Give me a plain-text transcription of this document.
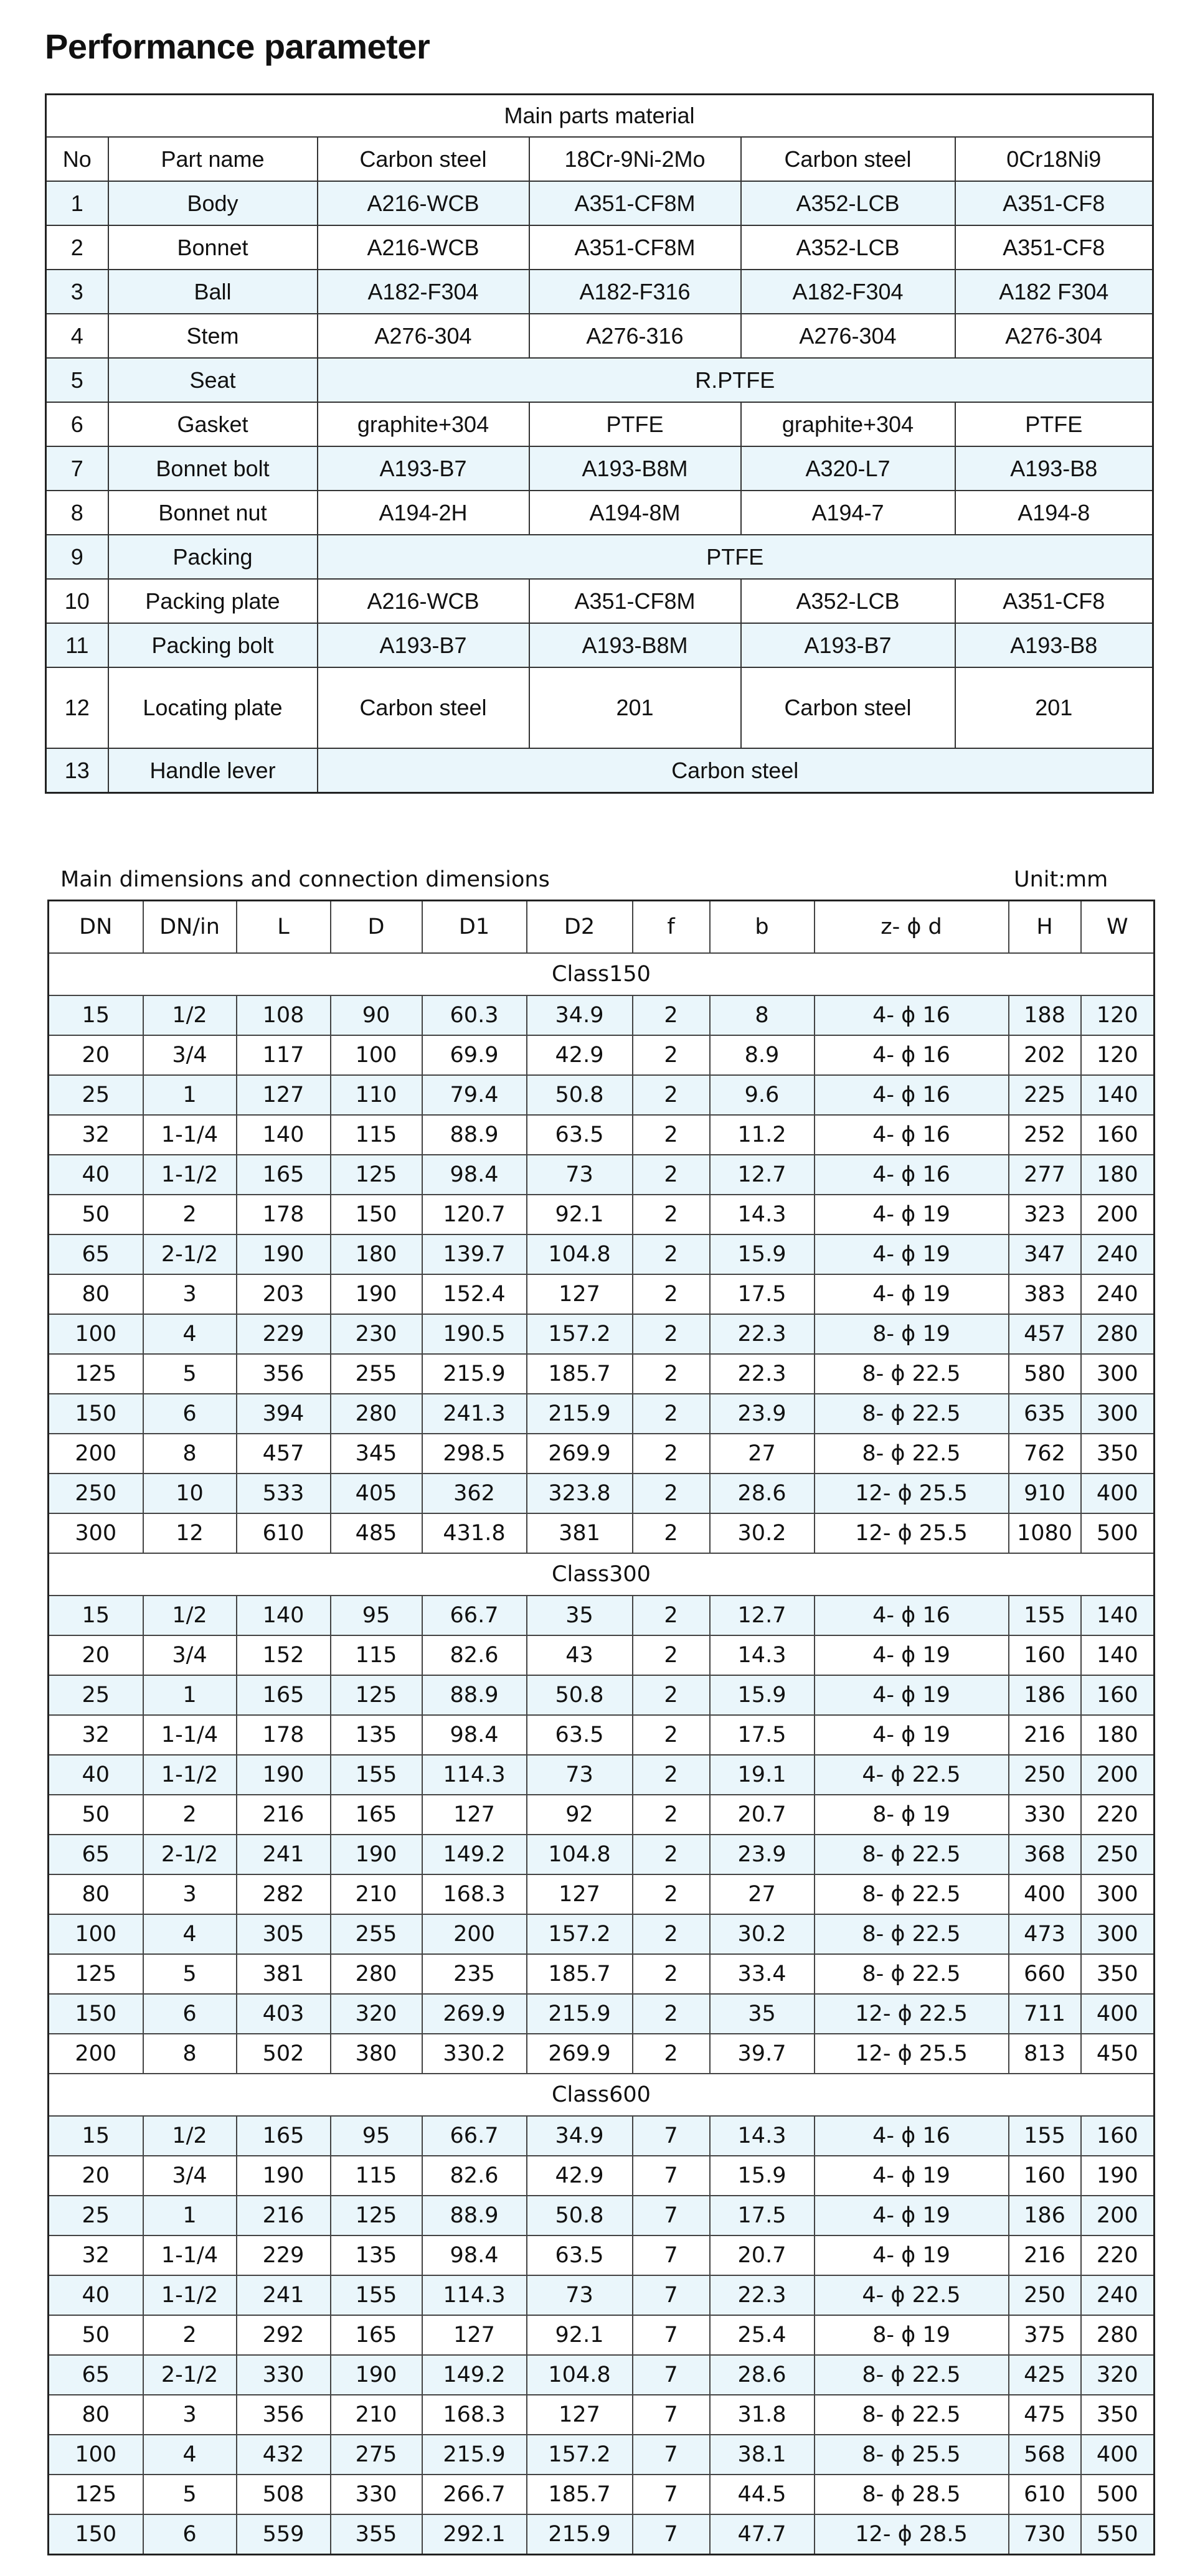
Performance parameter
Main parts material					
No	Part name	Carbon steel	18Cr-9Ni-2Mo	Carbon steel	0Cr18Ni9
1	Body	A216-WCB	A351-CF8M	A352-LCB	A351-CF8
2	Bonnet	A216-WCB	A351-CF8M	A352-LCB	A351-CF8
3	Ball	A182-F304	A182-F316	A182-F304	A182 F304
4	Stem	A276-304	A276-316	A276-304	A276-304
5	Seat	R.PTFE			
6	Gasket	graphite+304	PTFE	graphite+304	PTFE
7	Bonnet bolt	A193-B7	A193-B8M	A320-L7	A193-B8
8	Bonnet nut	A194-2H	A194-8M	A194-7	A194-8
9	Packing	PTFE			
10	Packing plate	A216-WCB	A351-CF8M	A352-LCB	A351-CF8
11	Packing bolt	A193-B7	A193-B8M	A193-B7	A193-B8
12	Locating plate	Carbon steel	201	Carbon steel	201
13	Handle lever	Carbon steel			
Main dimensions and connection dimensions	Unit:mm
DN	DN/in	L	D	D1	D2	f	b	z- ϕ d	H	W
Class150										
15	1/2	108	90	60.3	34.9	2	8	4- ϕ 16	188	120
20	3/4	117	100	69.9	42.9	2	8.9	4- ϕ 16	202	120
25	1	127	110	79.4	50.8	2	9.6	4- ϕ 16	225	140
32	1-1/4	140	115	88.9	63.5	2	11.2	4- ϕ 16	252	160
40	1-1/2	165	125	98.4	73	2	12.7	4- ϕ 16	277	180
50	2	178	150	120.7	92.1	2	14.3	4- ϕ 19	323	200
65	2-1/2	190	180	139.7	104.8	2	15.9	4- ϕ 19	347	240
80	3	203	190	152.4	127	2	17.5	4- ϕ 19	383	240
100	4	229	230	190.5	157.2	2	22.3	8- ϕ 19	457	280
125	5	356	255	215.9	185.7	2	22.3	8- ϕ 22.5	580	300
150	6	394	280	241.3	215.9	2	23.9	8- ϕ 22.5	635	300
200	8	457	345	298.5	269.9	2	27	8- ϕ 22.5	762	350
250	10	533	405	362	323.8	2	28.6	12- ϕ 25.5	910	400
300	12	610	485	431.8	381	2	30.2	12- ϕ 25.5	1080	500
Class300										
15	1/2	140	95	66.7	35	2	12.7	4- ϕ 16	155	140
20	3/4	152	115	82.6	43	2	14.3	4- ϕ 19	160	140
25	1	165	125	88.9	50.8	2	15.9	4- ϕ 19	186	160
32	1-1/4	178	135	98.4	63.5	2	17.5	4- ϕ 19	216	180
40	1-1/2	190	155	114.3	73	2	19.1	4- ϕ 22.5	250	200
50	2	216	165	127	92	2	20.7	8- ϕ 19	330	220
65	2-1/2	241	190	149.2	104.8	2	23.9	8- ϕ 22.5	368	250
80	3	282	210	168.3	127	2	27	8- ϕ 22.5	400	300
100	4	305	255	200	157.2	2	30.2	8- ϕ 22.5	473	300
125	5	381	280	235	185.7	2	33.4	8- ϕ 22.5	660	350
150	6	403	320	269.9	215.9	2	35	12- ϕ 22.5	711	400
200	8	502	380	330.2	269.9	2	39.7	12- ϕ 25.5	813	450
Class600										
15	1/2	165	95	66.7	34.9	7	14.3	4- ϕ 16	155	160
20	3/4	190	115	82.6	42.9	7	15.9	4- ϕ 19	160	190
25	1	216	125	88.9	50.8	7	17.5	4- ϕ 19	186	200
32	1-1/4	229	135	98.4	63.5	7	20.7	4- ϕ 19	216	220
40	1-1/2	241	155	114.3	73	7	22.3	4- ϕ 22.5	250	240
50	2	292	165	127	92.1	7	25.4	8- ϕ 19	375	280
65	2-1/2	330	190	149.2	104.8	7	28.6	8- ϕ 22.5	425	320
80	3	356	210	168.3	127	7	31.8	8- ϕ 22.5	475	350
100	4	432	275	215.9	157.2	7	38.1	8- ϕ 25.5	568	400
125	5	508	330	266.7	185.7	7	44.5	8- ϕ 28.5	610	500
150	6	559	355	292.1	215.9	7	47.7	12- ϕ 28.5	730	550
